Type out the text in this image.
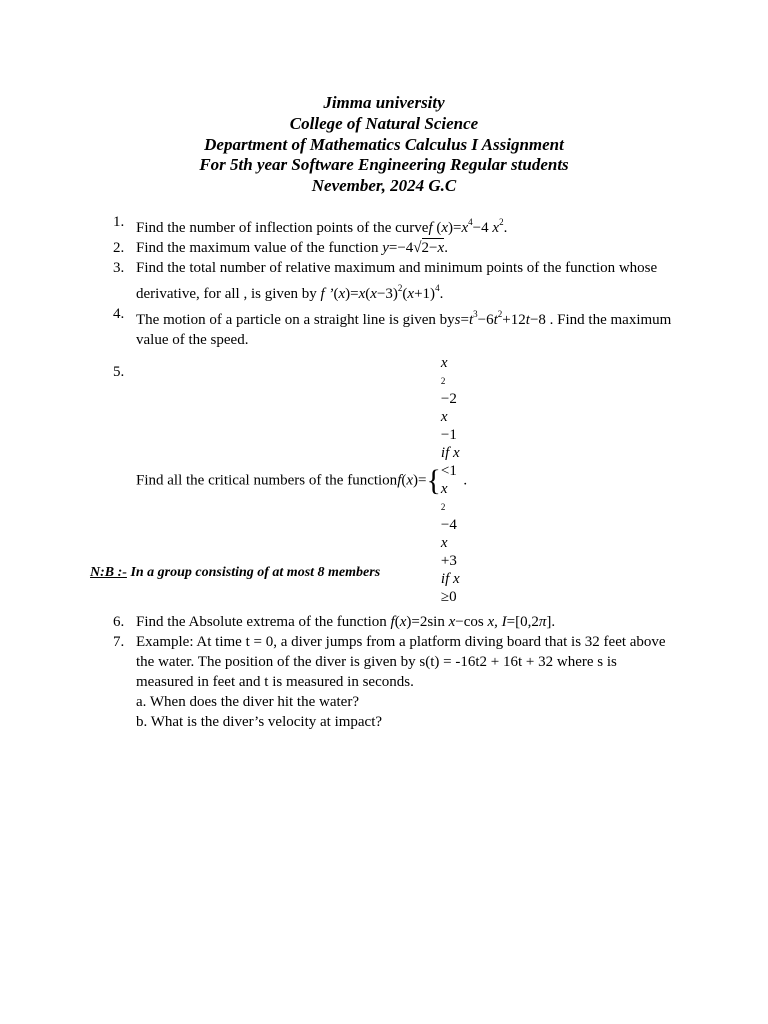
Jimma university
College of Natural Science
Department of Mathematics Calculus I Assignment
For 5th year Software Engineering Regular students
Nevember, 2024 G.C
1. Find the number of inflection points of the curvef $(x)=x^4-4$ $x^2$.
2. Find the maximum value of the function y=−4√2−x.
3. Find the total number of relative maximum and minimum points of the function whose derivative, for all , is given by f $’(x)=x(x-3)^2(x+1)^4$.
4. The motion of a particle on a straight line is given $bys=t^3-6t^2+12t-8$ . Find the maximum value of the speed.
5.
Find all the critical numbers of the functionf(x)={
x
2
−2
x
−1
if x
<1
x
2
−4
x
+3
if x
≥0
.
6. Find the Absolute extrema of the function f(x)=2sin x−cos x, I=[0,2π].
7. Example: At time t = 0, a diver jumps from a platform diving board that is 32 feet above the water. The position of the diver is given by s(t) = -16t2 + 16t + 32 where s is measured in feet and t is measured in seconds.
a. When does the diver hit the water?
b. What is the diver’s velocity at impact?
N:B :- In a group consisting of at most 8 members
